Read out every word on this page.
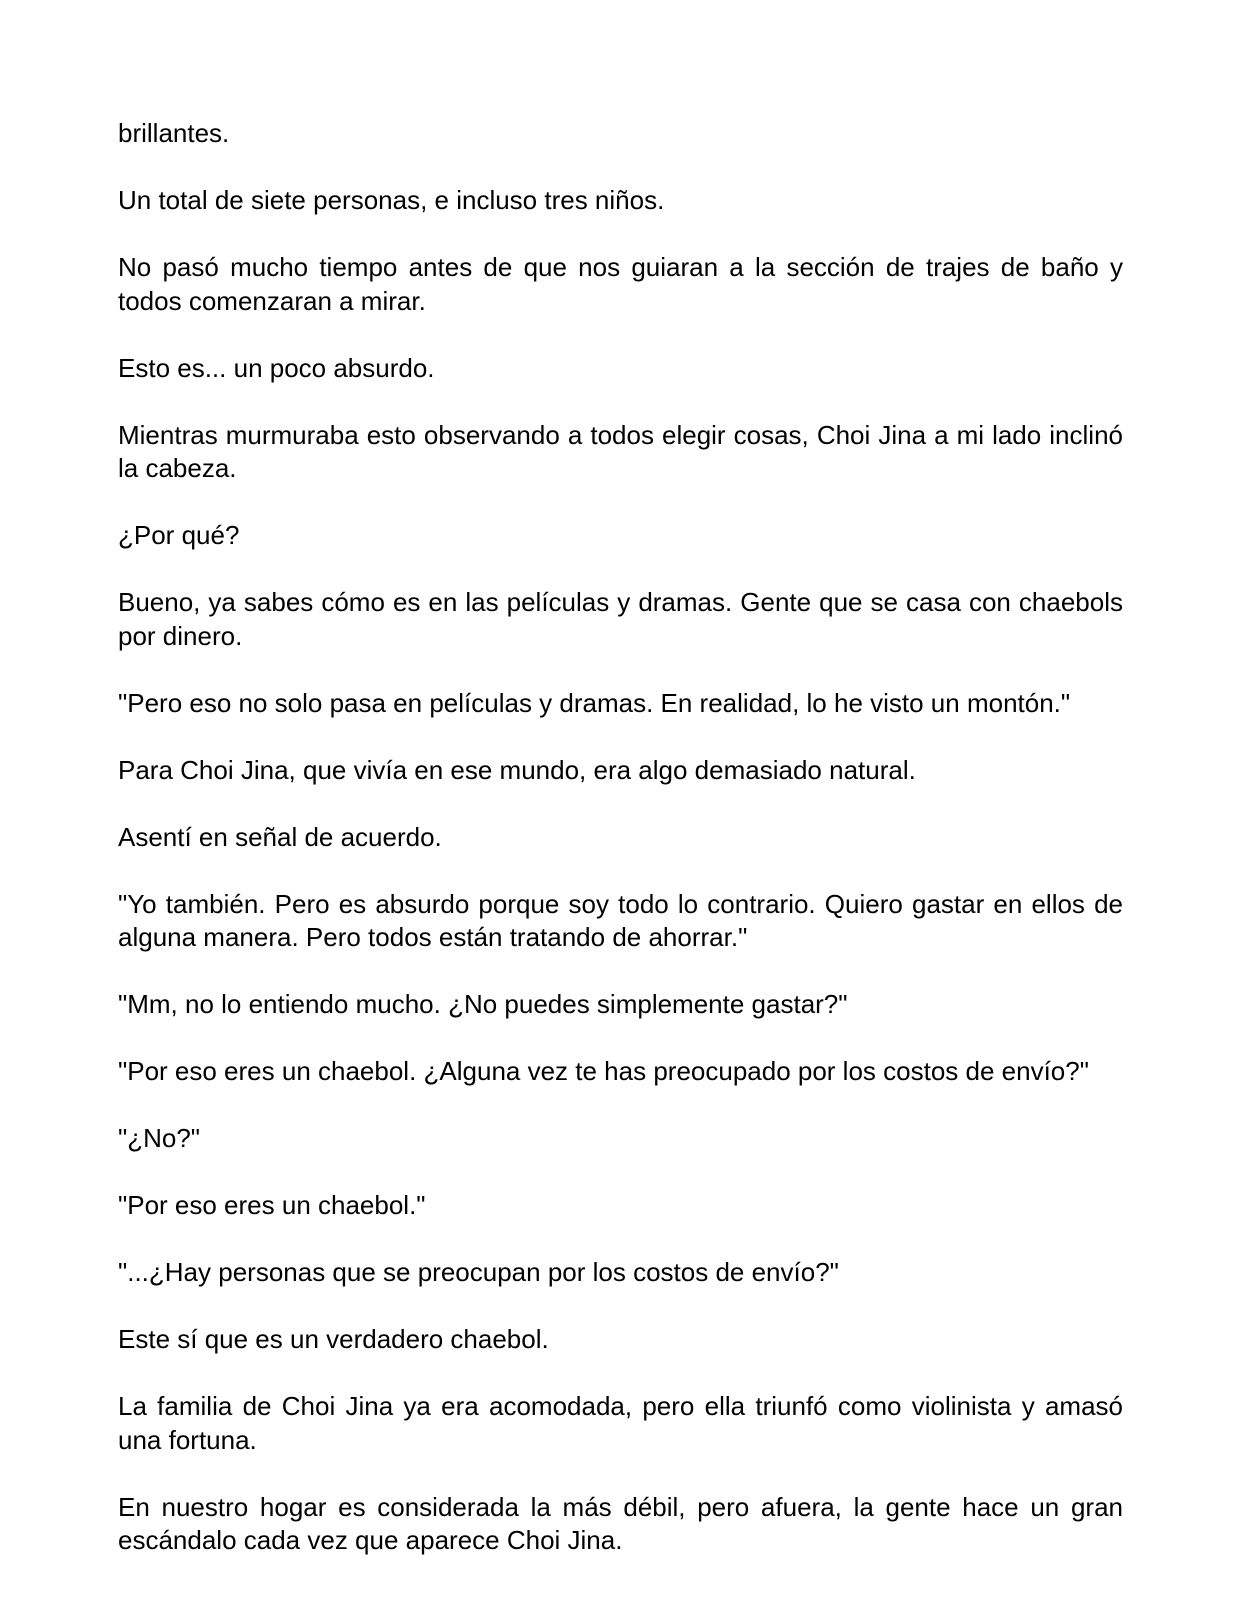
brillantes.

Un total de siete personas, e incluso tres niños.

No pasó mucho tiempo antes de que nos guiaran a la sección de trajes de baño y todos comenzaran a mirar.

Esto es... un poco absurdo.

Mientras murmuraba esto observando a todos elegir cosas, Choi Jina a mi lado inclinó la cabeza.

¿Por qué?

Bueno, ya sabes cómo es en las películas y dramas. Gente que se casa con chaebols por dinero.

"Pero eso no solo pasa en películas y dramas. En realidad, lo he visto un montón."

Para Choi Jina, que vivía en ese mundo, era algo demasiado natural.

Asentí en señal de acuerdo.

"Yo también. Pero es absurdo porque soy todo lo contrario. Quiero gastar en ellos de alguna manera. Pero todos están tratando de ahorrar."

"Mm, no lo entiendo mucho. ¿No puedes simplemente gastar?"

"Por eso eres un chaebol. ¿Alguna vez te has preocupado por los costos de envío?"

"¿No?"

"Por eso eres un chaebol."

"...¿Hay personas que se preocupan por los costos de envío?"

Este sí que es un verdadero chaebol.

La familia de Choi Jina ya era acomodada, pero ella triunfó como violinista y amasó una fortuna.

En nuestro hogar es considerada la más débil, pero afuera, la gente hace un gran escándalo cada vez que aparece Choi Jina.
